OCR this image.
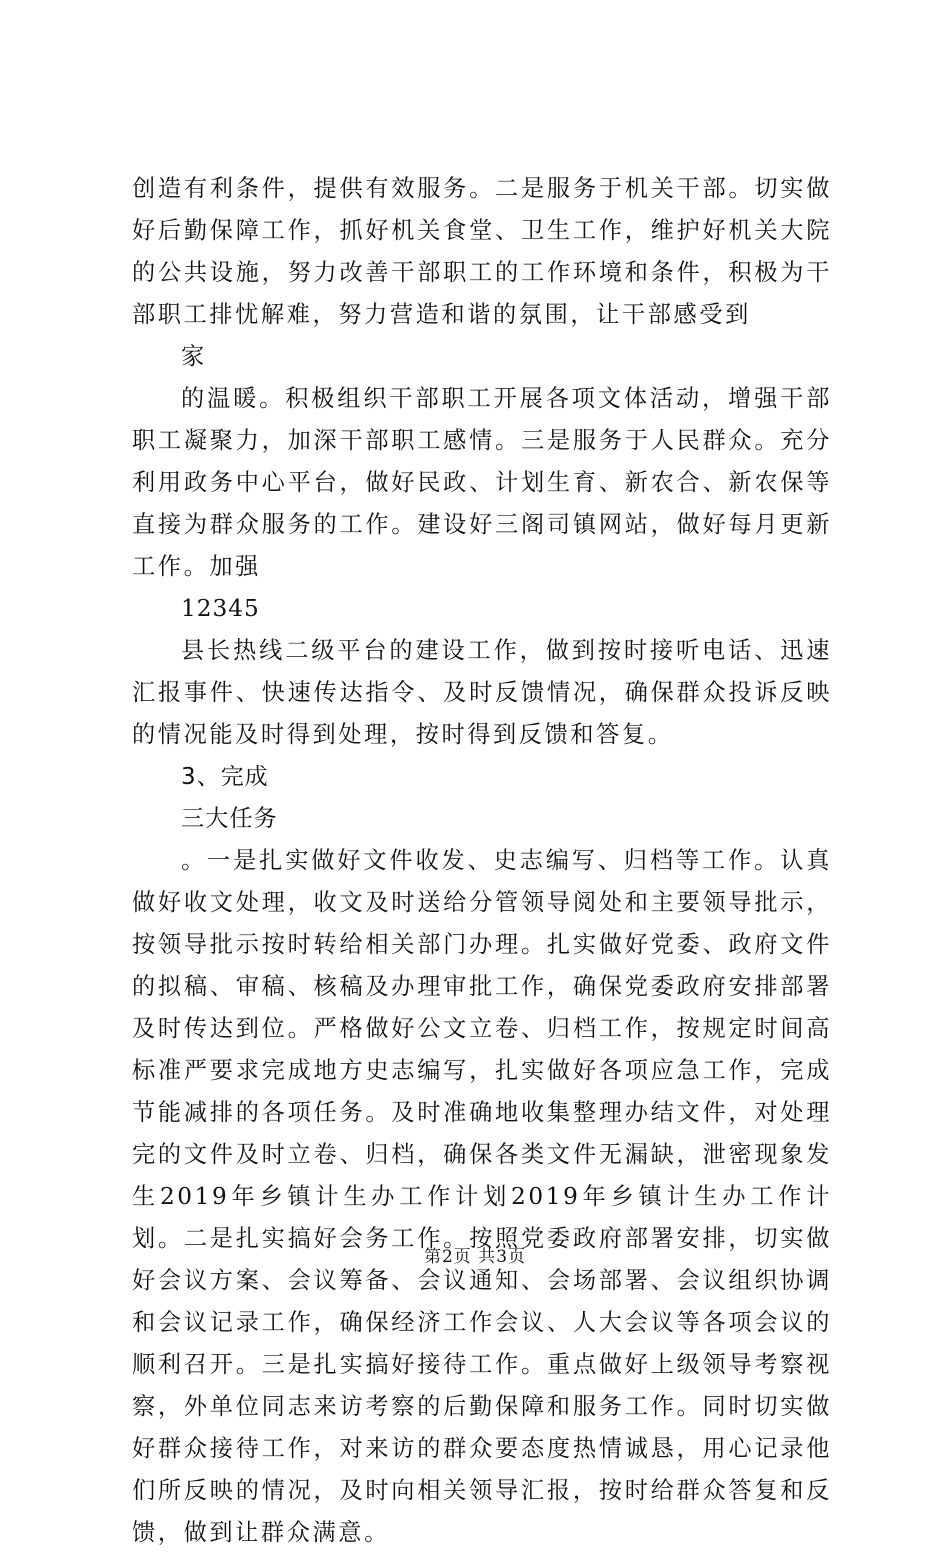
创造有利条件，提供有效服务。二是服务于机关干部。切实做好后勤保障工作，抓好机关食堂、卫生工作，维护好机关大院的公共设施，努力改善干部职工的工作环境和条件，积极为干部职工排忧解难，努力营造和谐的氛围，让干部感受到

家

的温暖。积极组织干部职工开展各项文体活动，增强干部职工凝聚力，加深干部职工感情。三是服务于人民群众。充分利用政务中心平台，做好民政、计划生育、新农合、新农保等直接为群众服务的工作。建设好三阁司镇网站，做好每月更新工作。加强

12345

县长热线二级平台的建设工作，做到按时接听电话、迅速汇报事件、快速传达指令、及时反馈情况，确保群众投诉反映的情况能及时得到处理，按时得到反馈和答复。

3、完成

三大任务

。一是扎实做好文件收发、史志编写、归档等工作。认真做好收文处理，收文及时送给分管领导阅处和主要领导批示，按领导批示按时转给相关部门办理。扎实做好党委、政府文件的拟稿、审稿、核稿及办理审批工作，确保党委政府安排部署及时传达到位。严格做好公文立卷、归档工作，按规定时间高标准严要求完成地方史志编写，扎实做好各项应急工作，完成节能减排的各项任务。及时准确地收集整理办结文件，对处理完的文件及时立卷、归档，确保各类文件无漏缺，泄密现象发生2019年乡镇计生办工作计划2019年乡镇计生办工作计划。二是扎实搞好会务工作。按照党委政府部署安排，切实做好会议方案、会议筹备、会议通知、会场部署、会议组织协调和会议记录工作，确保经济工作会议、人大会议等各项会议的顺利召开。三是扎实搞好接待工作。重点做好上级领导考察视察，外单位同志来访考察的后勤保障和服务工作。同时切实做好群众接待工作，对来访的群众要态度热情诚恳，用心记录他们所反映的情况，及时向相关领导汇报，按时给群众答复和反馈，做到让群众满意。

第2页 共3页
